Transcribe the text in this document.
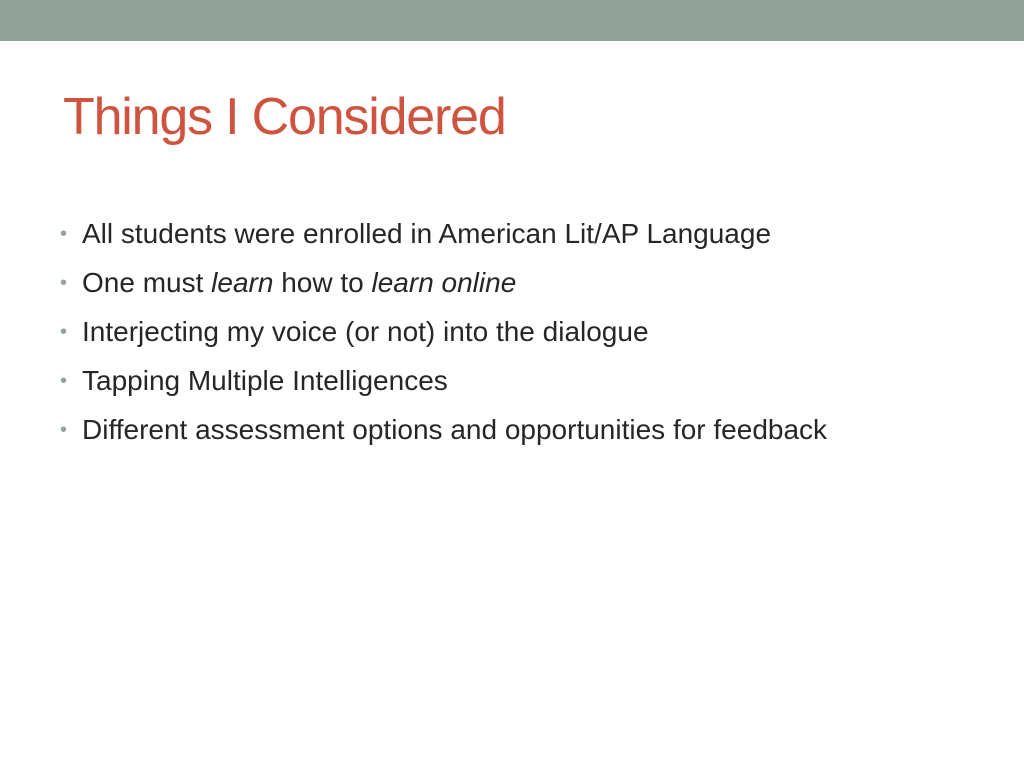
Things I Considered
• All students were enrolled in American Lit/AP Language
• One must learn how to learn online
• Interjecting my voice (or not) into the dialogue
• Tapping Multiple Intelligences
• Different assessment options and opportunities for feedback
